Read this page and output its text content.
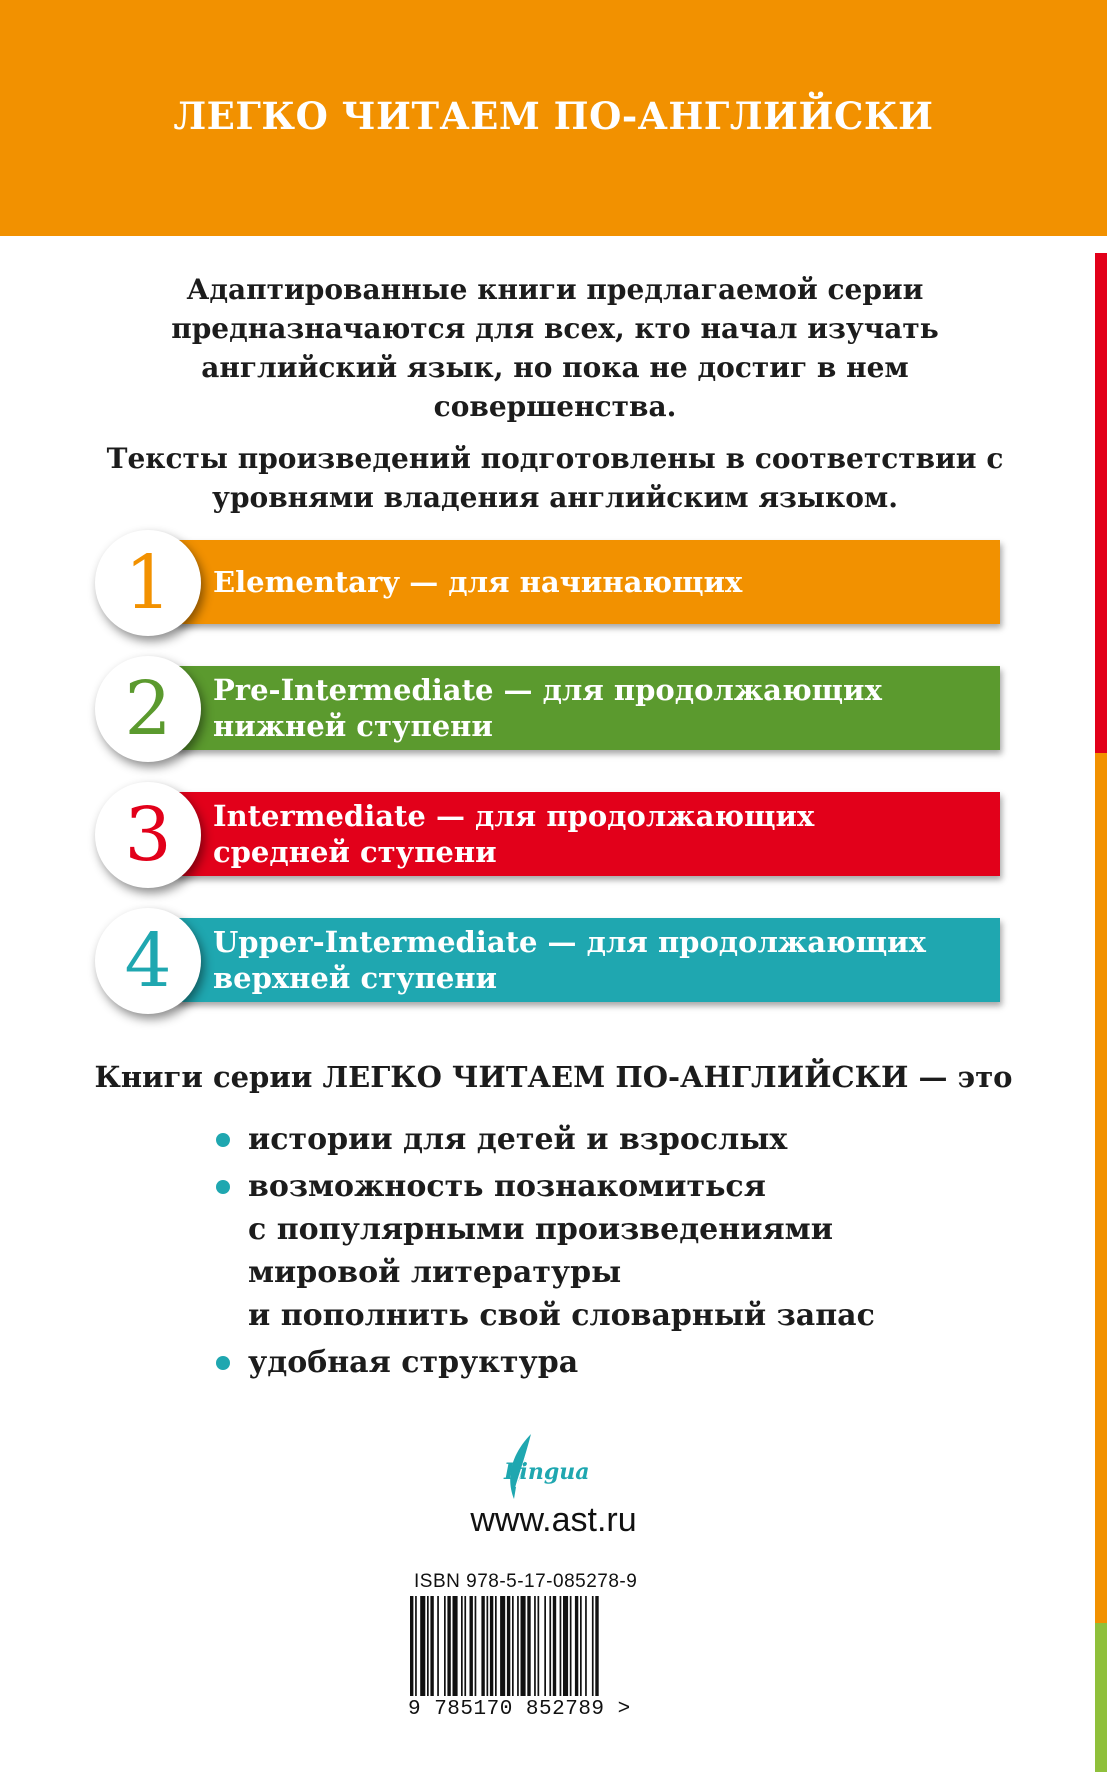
ЛЕГКО ЧИТАЕМ ПО-АНГЛИЙСКИ

Адаптированные книги предлагаемой серии предназначаются для всех, кто начал изучать английский язык, но пока не достиг в нем совершенства.

Тексты произведений подготовлены в соответствии с уровнями владения английским языком.

Elementary — для начинающих
1
Pre-Intermediate — для продолжающих
нижней ступени
2
Intermediate — для продолжающих
средней ступени
3
Upper-Intermediate — для продолжающих
верхней ступени
4
Книги серии ЛЕГКО ЧИТАЕМ ПО-АНГЛИЙСКИ — это
истории для детей и взрослых
возможность познакомиться
с популярными произведениями
мировой литературы
и пополнить свой словарный запас
удобная структура
Lingua
www.ast.ru
ISBN 978-5-17-085278-9
9 785170 852789 >
